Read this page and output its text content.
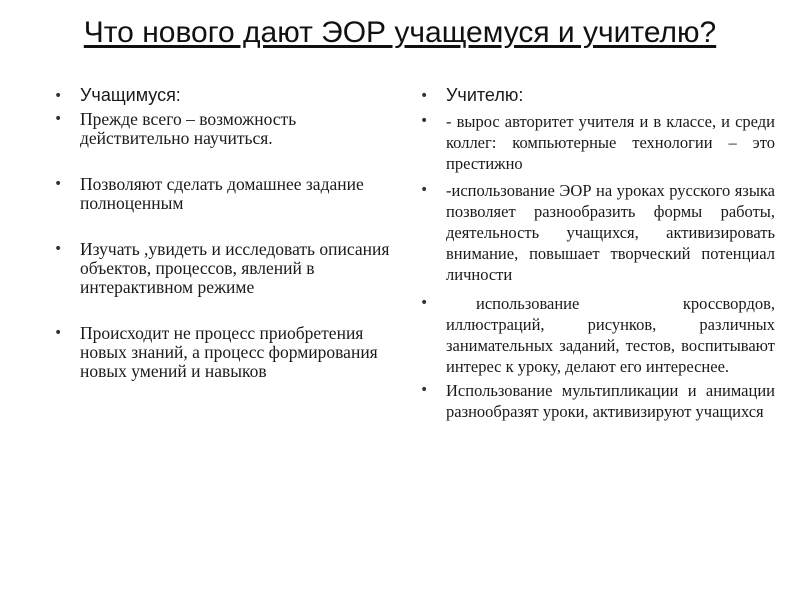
Что нового дают ЭОР учащемуся и учителю?
• Учащимуся:
• Прежде всего – возможность действительно научиться.
• Позволяют сделать домашнее задание полноценным
• Изучать ,увидеть и исследовать описания объектов, процессов, явлений в интерактивном режиме
• Происходит не процесс приобретения новых знаний, а процесс формирования новых умений и навыков
• Учителю:
• - вырос авторитет учителя и в классе, и среди коллег: компьютерные технологии – это престижно
• -использование ЭОР на уроках русского языка позволяет разнообразить формы работы, деятельность учащихся, активизировать внимание, повышает творческий потенциал личности
•	использование кроссвордов, иллюстраций, рисунков, различных занимательных заданий, тестов, воспитывают интерес к уроку, делают его интереснее.
• Использование мультипликации и анимации разнообразят уроки, активизируют учащихся
